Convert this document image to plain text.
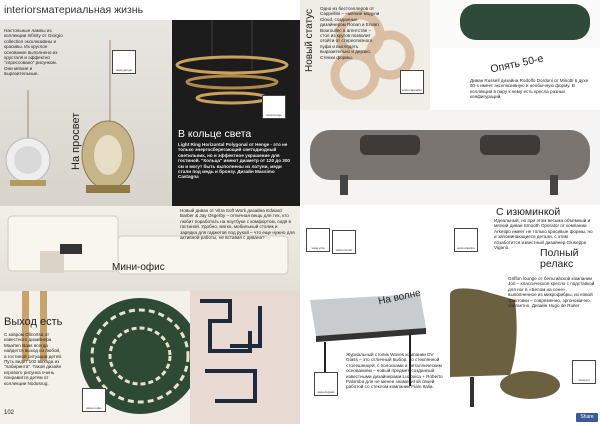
interiorsматериальная жизнь
Настольные лампы из коллекции Infinity от Giorgio collection эксклюзивны и красивы. Их круглое основание выполнено из хрусталя и эффектно "спрессовано" рисунком. Они мягкие и выразительные.
На просвет
www.giorgio
www.henge
В кольце света
Light Ring Horizontal Polygonal от Henge - это не только энергосберегающий светодиодный светильник, но и эффектное украшение для гостиной. "Кольца" имеют диаметр от 120 до 300 см и могут быть выполнены из латуни, меди стали под медь и бронзу. Дизайн Massimo Castagna
Новый диван от Vitra Soft Work дизайна Edward Barber & Jay Osgerby – отличная вещь для тех, кто любит поработать на ноутбуке с комфортом, сидя в гостиной. Удобно, мягко, мобильный столик и зарядка для гаджетов под рукой – что еще нужно для активной работы, не вставая с дивана?
Мини-офис
Выход есть
С ковром Olicortsa от известного дизайнера Maarten Baas всегда найдется выход из любой, а гостиной ситуации детей. Путь ведет 102 выхода из "лабиринта". Такой дизайн игрового рисунка очень понравится детям от коллекции Nodusrug.
www.nodus
102
Новый статус
Одно из бестселлеров от Cappellini – «мягкие модули Cloud, созданные дизайнером Ronan и Erwan Bouroullec в агентстве – стол из кругов позволит отойти от стереотипного пуфа и выглядеть выразительно и дерзко. Стенки формы.
www.cappellini
Опять 50-е
Диван Russell дизайна Rodolfo Dordoni от Minotti в духе 50-х имеет эксклюзивную и необычную форму. В коллекции в пару к нему есть кресла разных конфигураций.
www.minotti
С изюминкой
Идеальный, но при этом весьма объемный и мягкий диван Smooth Operator от компании Arketipo имеет не только красивые формы, но и запоминающиеся детали, с этим позаботится известный дизайнер Giuseppe Viganò.
www.arketipo	Полный релакс
Griffon lounge от бельгийской компании Jori – классическое кресло с подставкой для ног в «Белом на сене», выполненное из микрофибры, из новой трактовки – современно, эргономично, элегантно. Дизайн Hugo de Ruiter
www.jori
На волне
Журнальный столик Waves компании DV Glass – это отличный выбор, со стеклянной столешницей, с полосками и металлическим основанием – новый предмет, созданный известными дизайнерами Ludovica + Roberto Palomba для не менее знаменитой своей работой со стеклом компании Fiam Italia.
www.dvglass
Share
www.vitra
